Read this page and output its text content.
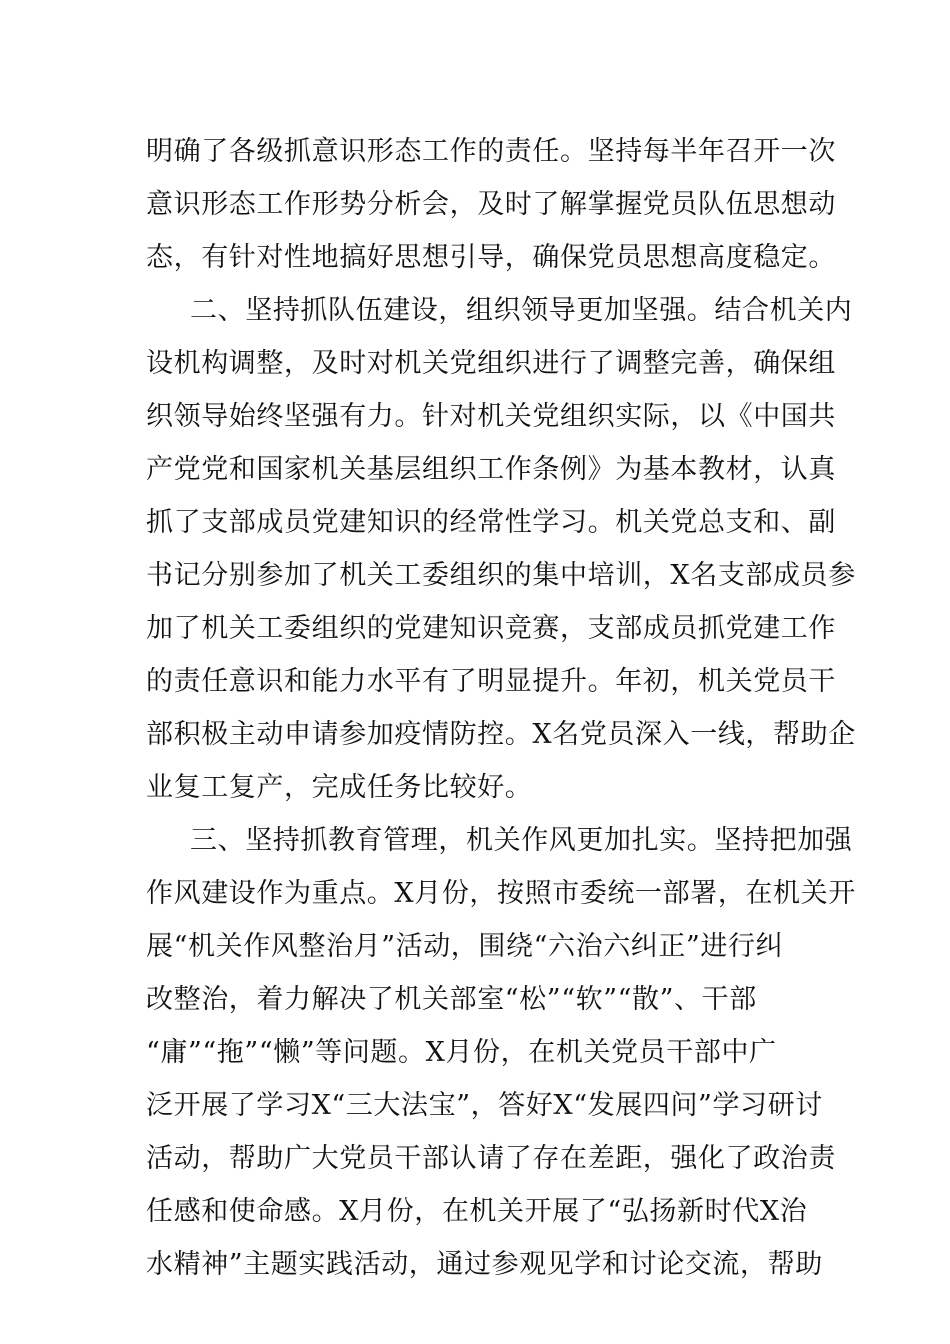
明确了各级抓意识形态工作的责任。坚持每半年召开一次
意识形态工作形势分析会，及时了解掌握党员队伍思想动
态，有针对性地搞好思想引导，确保党员思想高度稳定。
二、坚持抓队伍建设，组织领导更加坚强。结合机关内
设机构调整，及时对机关党组织进行了调整完善，确保组
织领导始终坚强有力。针对机关党组织实际，以《中国共
产党党和国家机关基层组织工作条例》为基本教材，认真
抓了支部成员党建知识的经常性学习。机关党总支和、副
书记分别参加了机关工委组织的集中培训，X名支部成员参
加了机关工委组织的党建知识竞赛，支部成员抓党建工作
的责任意识和能力水平有了明显提升。年初，机关党员干
部积极主动申请参加疫情防控。X名党员深入一线，帮助企
业复工复产，完成任务比较好。
三、坚持抓教育管理，机关作风更加扎实。坚持把加强
作风建设作为重点。X月份，按照市委统一部署，在机关开
展“机关作风整治月”活动，围绕“六治六纠正”进行纠
改整治，着力解决了机关部室“松”“软”“散”、干部
“庸”“拖”“懒”等问题。X月份，在机关党员干部中广
泛开展了学习X“三大法宝”，答好X“发展四问”学习研讨
活动，帮助广大党员干部认请了存在差距，强化了政治责
任感和使命感。X月份，在机关开展了“弘扬新时代X治
水精神”主题实践活动，通过参观见学和讨论交流，帮助
